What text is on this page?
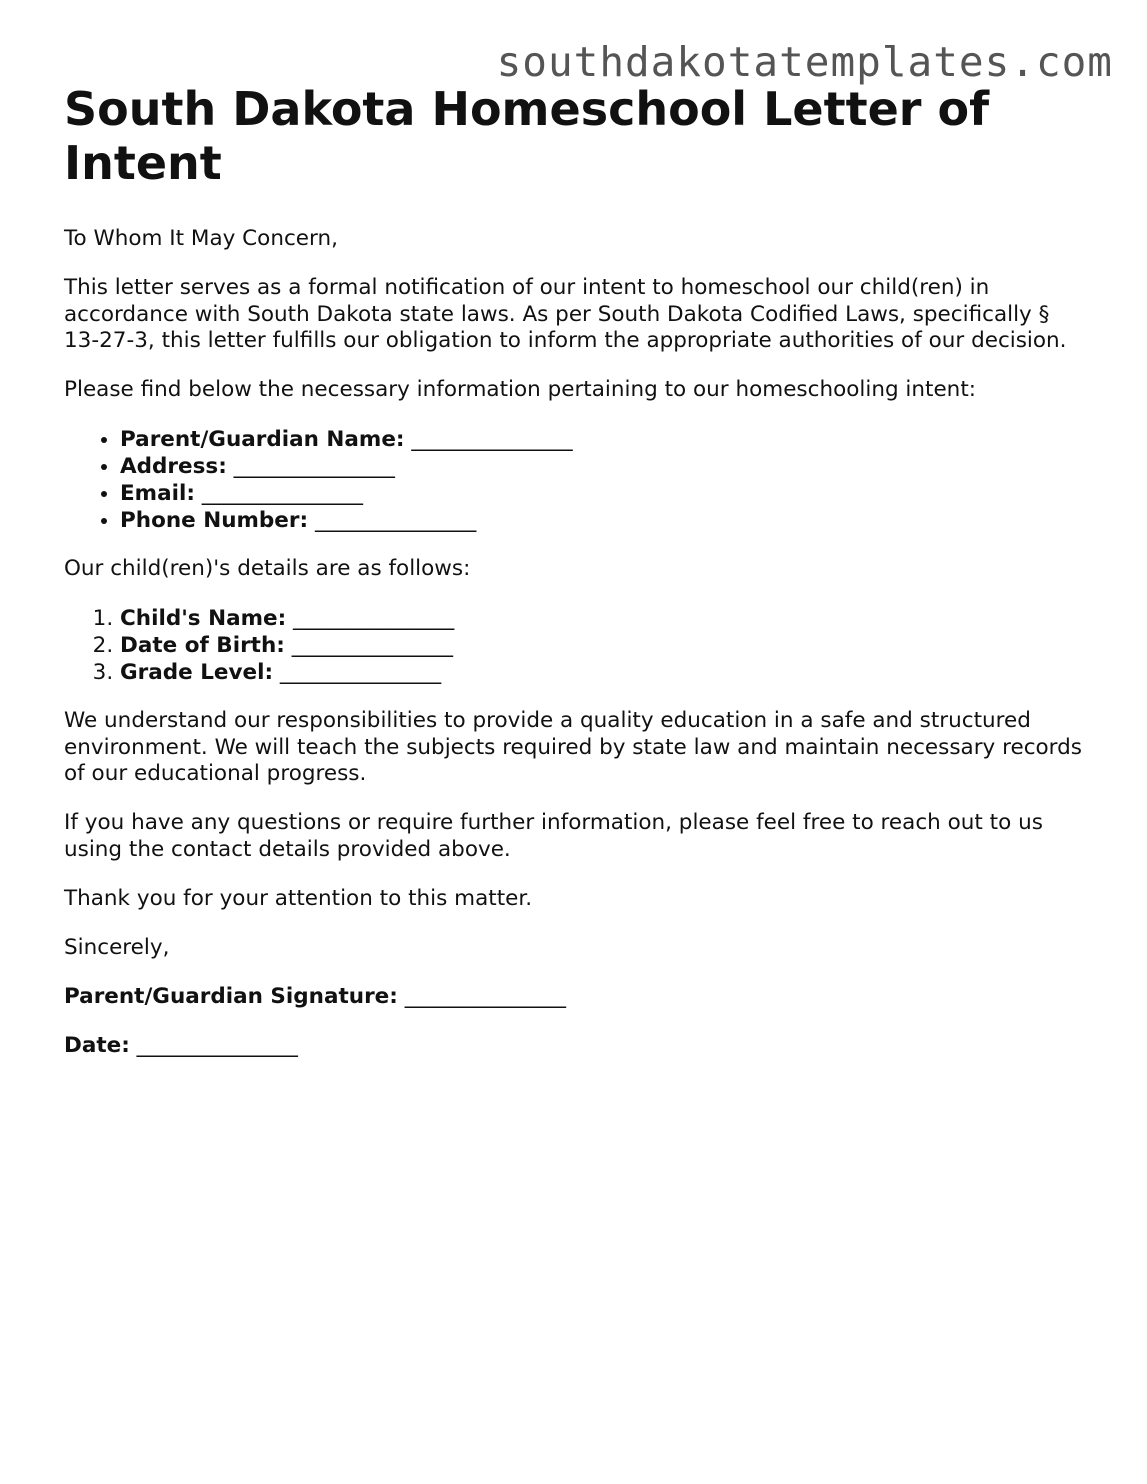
southdakotatemplates.com
South Dakota Homeschool Letter of Intent

To Whom It May Concern,

This letter serves as a formal notification of our intent to homeschool our child(ren) in accordance with South Dakota state laws. As per South Dakota Codified Laws, specifically § 13-27-3, this letter fulfills our obligation to inform the appropriate authorities of our decision.

Please find below the necessary information pertaining to our homeschooling intent:

• Parent/Guardian Name: _______________
• Address: _______________
• Email: _______________
• Phone Number: _______________

Our child(ren)'s details are as follows:

1. Child's Name: _______________
2. Date of Birth: _______________
3. Grade Level: _______________

We understand our responsibilities to provide a quality education in a safe and structured environment. We will teach the subjects required by state law and maintain necessary records of our educational progress.

If you have any questions or require further information, please feel free to reach out to us using the contact details provided above.

Thank you for your attention to this matter.

Sincerely,

Parent/Guardian Signature: _______________

Date: _______________
